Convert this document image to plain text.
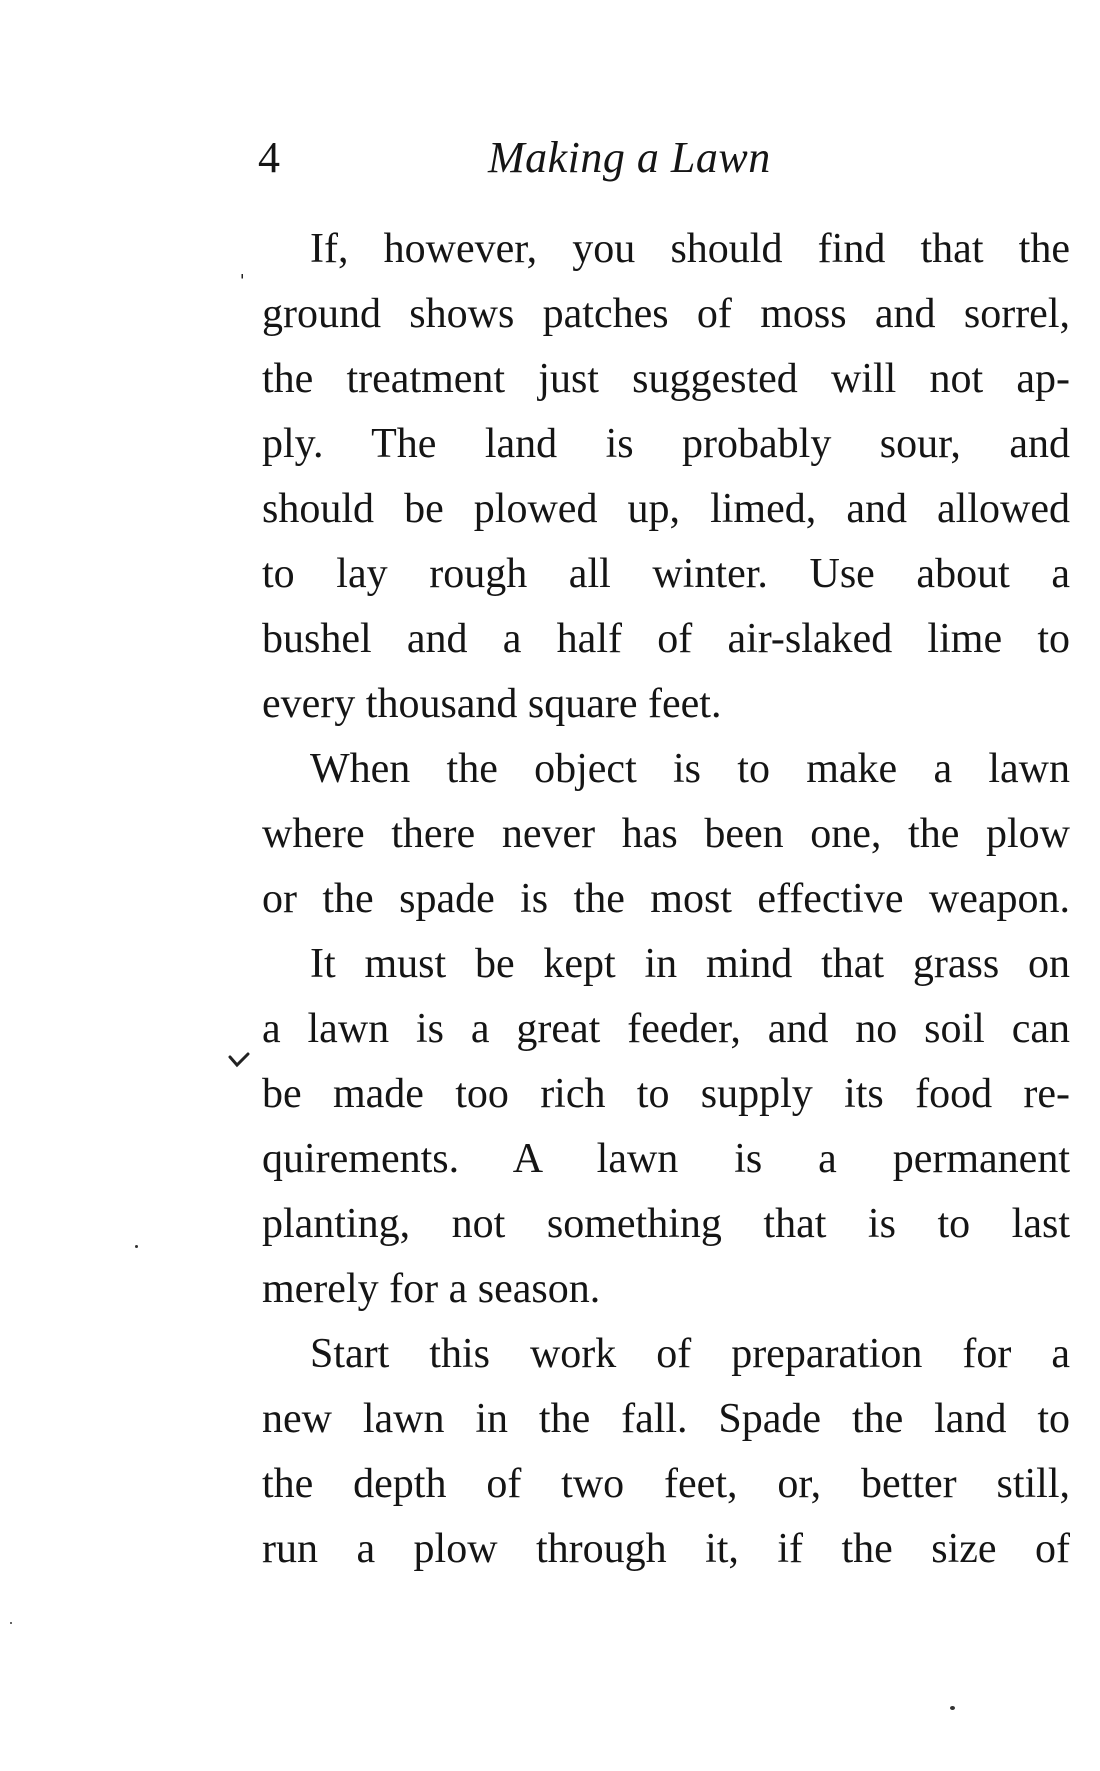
4	Making a Lawn
ˈ
If, however, you should find that the
ground shows patches of moss and sorrel,
the treatment just suggested will not ap-
ply. The land is probably sour, and
should be plowed up, limed, and allowed
to lay rough all winter. Use about a
bushel and a half of air-slaked lime to
every thousand square feet.
When the object is to make a lawn
where there never has been one, the plow
or the spade is the most effective weapon.
It must be kept in mind that grass on
a lawn is a great feeder, and no soil can
be made too rich to supply its food re-
quirements. A lawn is a permanent
planting, not something that is to last
merely for a season.
Start this work of preparation for a
new lawn in the fall. Spade the land to
the depth of two feet, or, better still,
run a plow through it, if the size of
